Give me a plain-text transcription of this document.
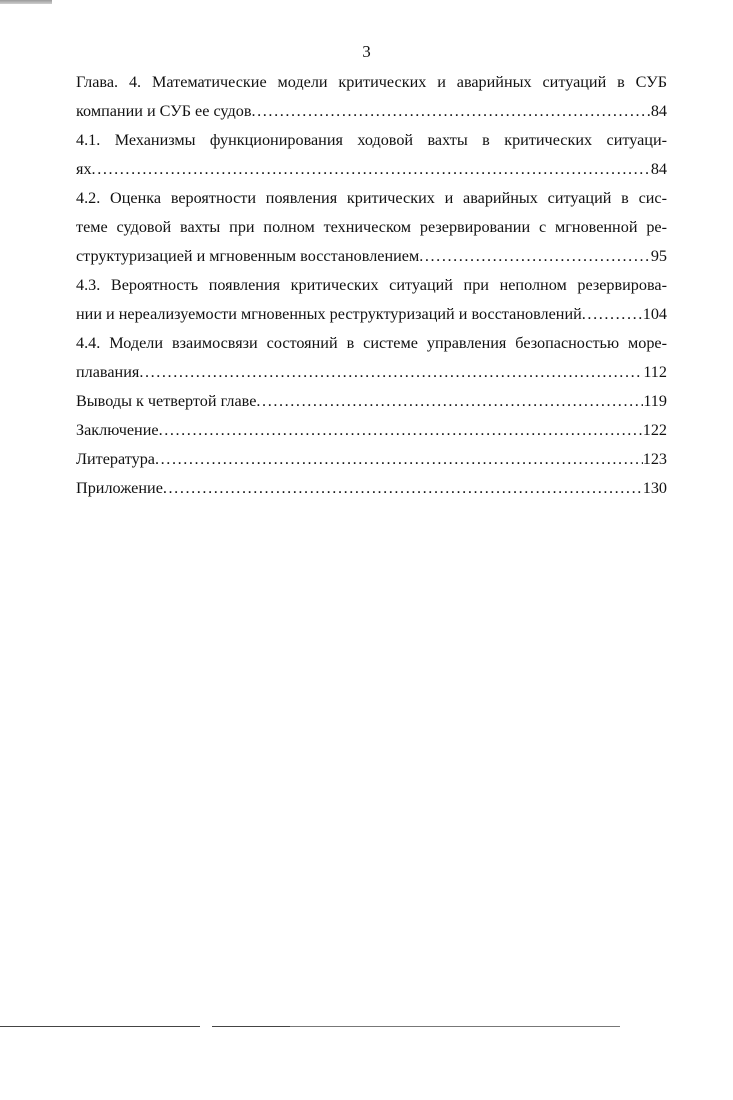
3
Глава. 4. Математические модели критических и аварийных ситуаций в СУБ
компании и СУБ ее судов .....	84
4.1. Механизмы функционирования ходовой вахты в критических ситуаци-
ях .....	84
4.2. Оценка вероятности появления критических и аварийных ситуаций в сис-
теме судовой вахты при полном техническом резервировании с мгновенной ре-
структуризацией и мгновенным восстановлением .....	95
4.3. Вероятность появления критических ситуаций при неполном резервирова-
нии и нереализуемости мгновенных реструктуризаций и восстановлений .....	104
4.4. Модели взаимосвязи состояний в системе управления безопасностью море-
плавания .....	112
Выводы к четвертой главе .....	119
Заключение .....	122
Литература .....	123
Приложение .....	130
